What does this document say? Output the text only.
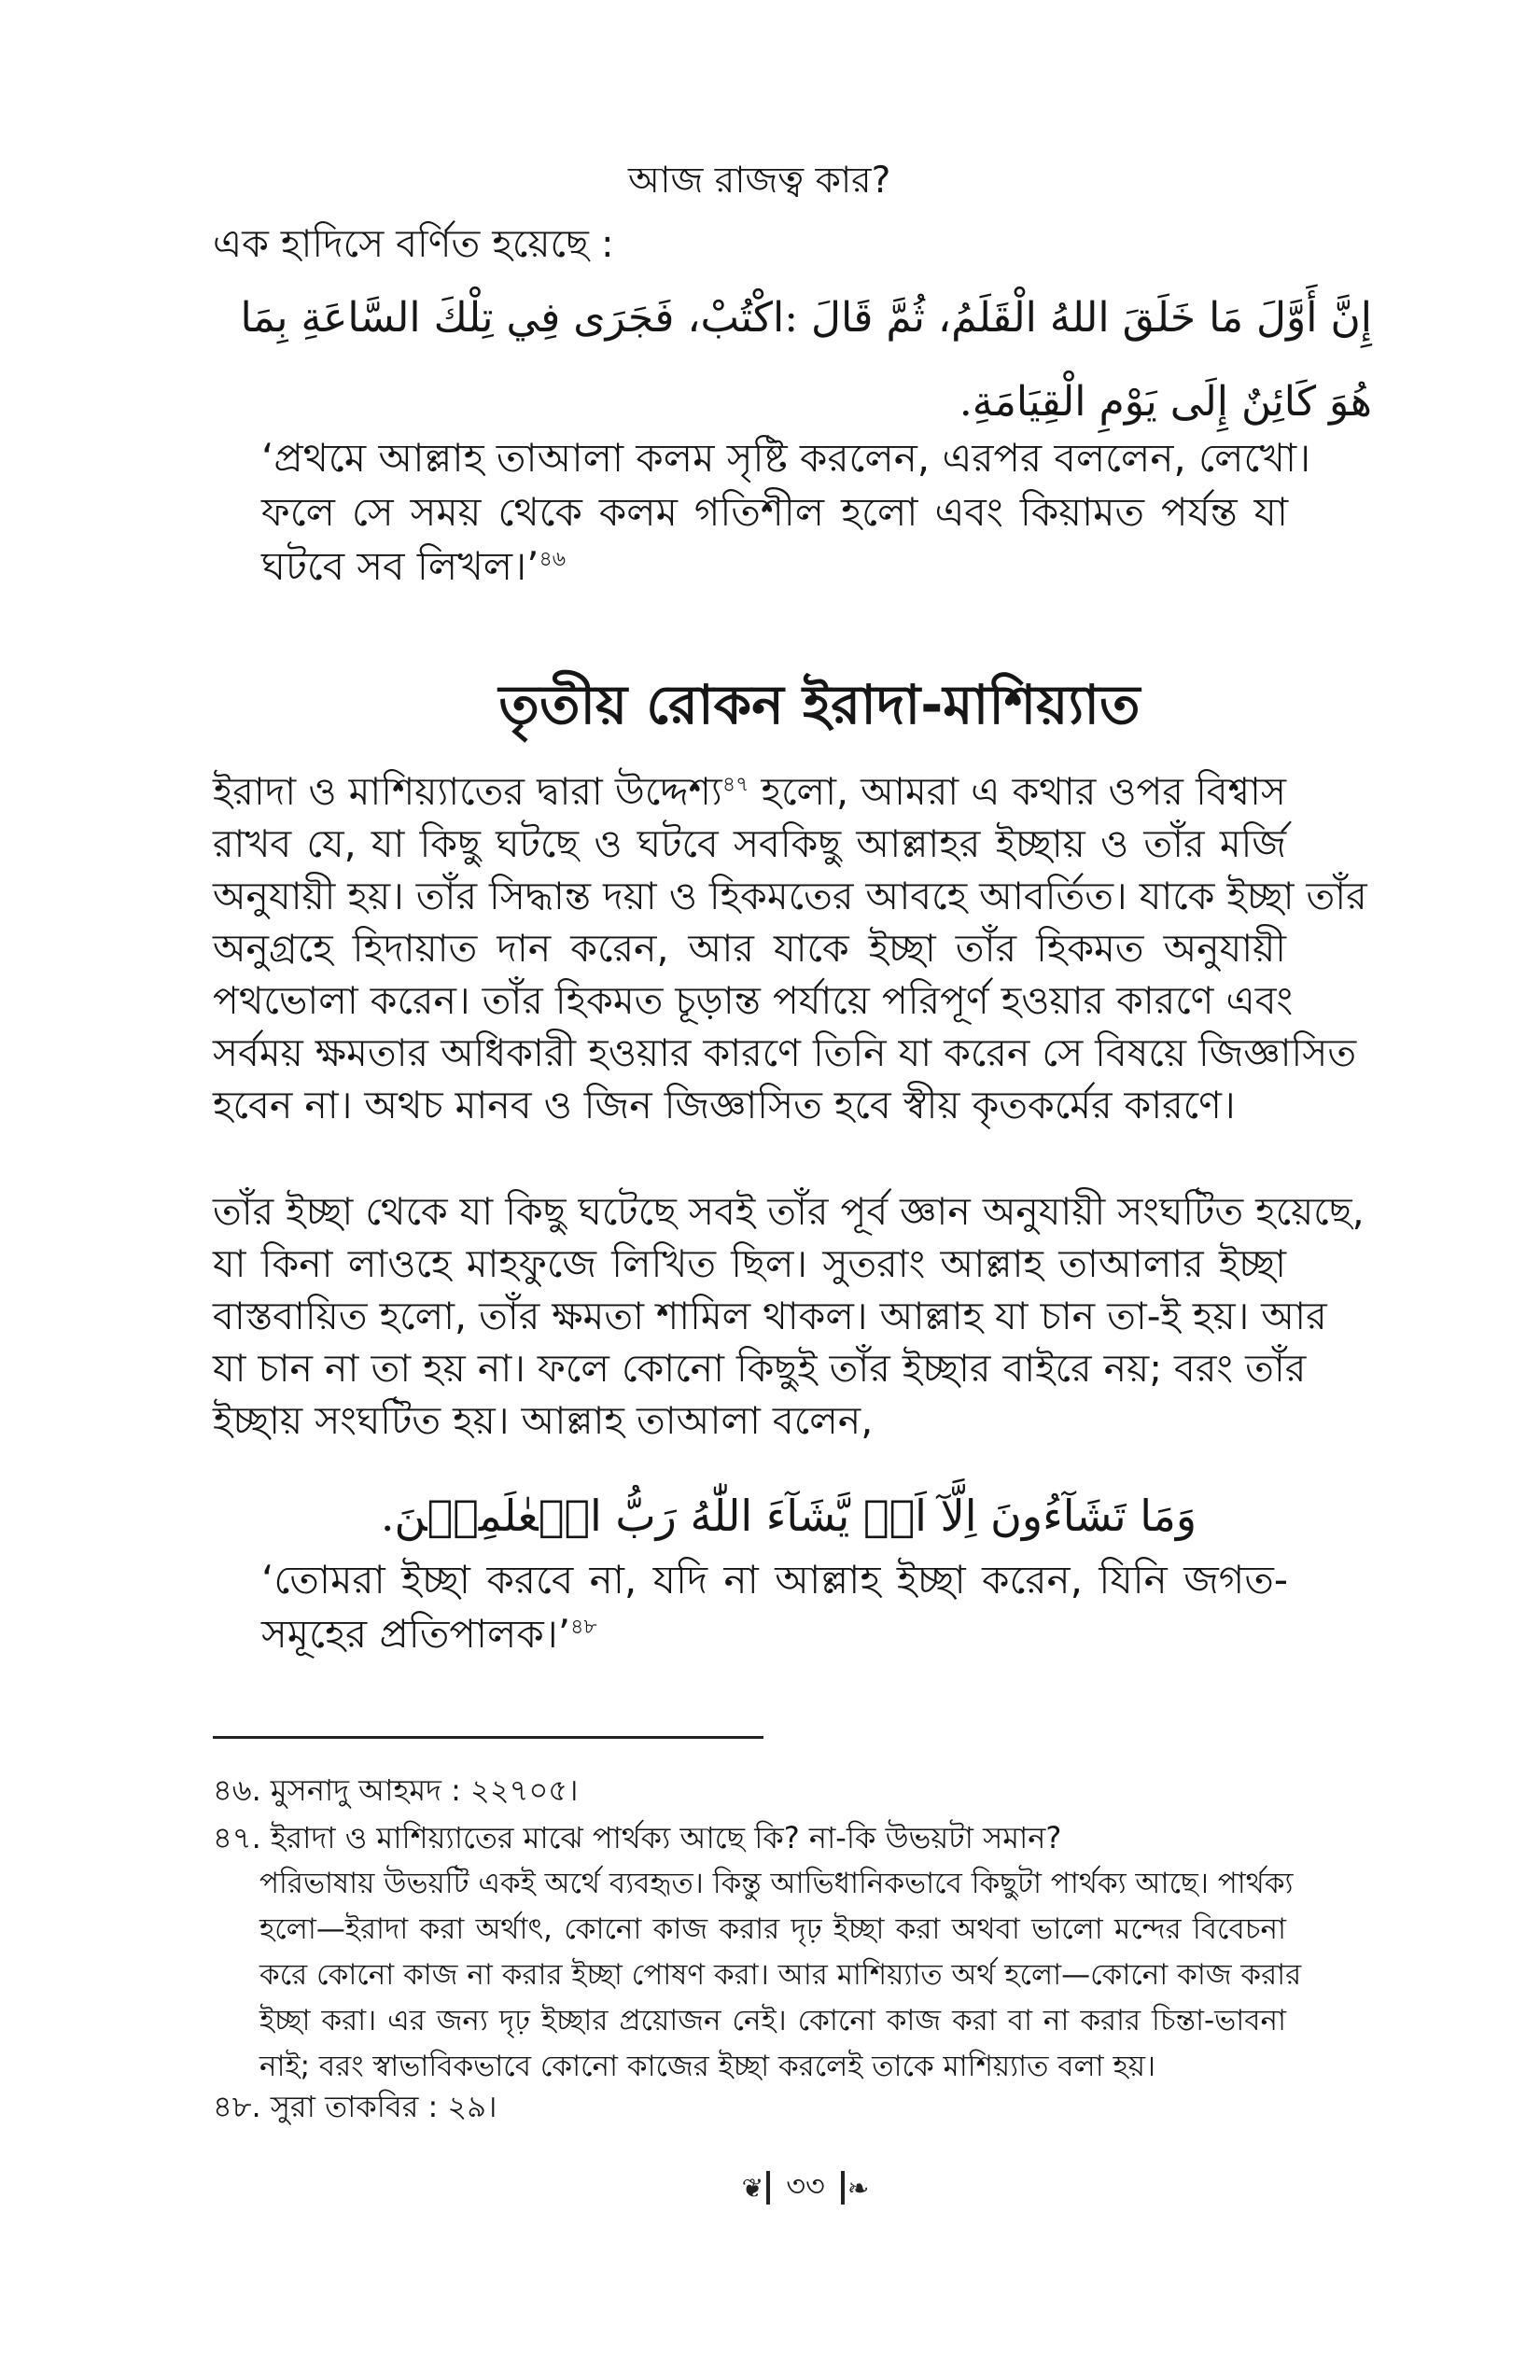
আজ রাজত্ব কার?

এক হাদিসে বর্ণিত হয়েছে :

إِنَّ أَوَّلَ مَا خَلَقَ اللهُ الْقَلَمُ، ثُمَّ قَالَ :اكْتُبْ، فَجَرَى فِي تِلْكَ السَّاعَةِ بِمَا
هُوَ كَائِنٌ إِلَى يَوْمِ الْقِيَامَةِ.
‘প্রথমে আল্লাহ তাআলা কলম সৃষ্টি করলেন, এরপর বললেন, লেখো।
ফলে সে সময় থেকে কলম গতিশীল হলো এবং কিয়ামত পর্যন্ত যা
ঘটবে সব লিখল।’$^{৪৬}$
তৃতীয় রোকন ইরাদা-মাশিয়্যাত
ইরাদা ও মাশিয়্যাতের দ্বারা উদ্দেশ্য$^{৪৭}$ হলো, আমরা এ কথার ওপর বিশ্বাস
রাখব যে, যা কিছু ঘটছে ও ঘটবে সবকিছু আল্লাহর ইচ্ছায় ও তাঁর মর্জি
অনুযায়ী হয়। তাঁর সিদ্ধান্ত দয়া ও হিকমতের আবহে আবর্তিত। যাকে ইচ্ছা তাঁর
অনুগ্রহে হিদায়াত দান করেন, আর যাকে ইচ্ছা তাঁর হিকমত অনুযায়ী
পথভোলা করেন। তাঁর হিকমত চূড়ান্ত পর্যায়ে পরিপূর্ণ হওয়ার কারণে এবং
সর্বময় ক্ষমতার অধিকারী হওয়ার কারণে তিনি যা করেন সে বিষয়ে জিজ্ঞাসিত
হবেন না। অথচ মানব ও জিন জিজ্ঞাসিত হবে স্বীয় কৃতকর্মের কারণে।
তাঁর ইচ্ছা থেকে যা কিছু ঘটেছে সবই তাঁর পূর্ব জ্ঞান অনুযায়ী সংঘটিত হয়েছে,
যা কিনা লাওহে মাহফুজে লিখিত ছিল। সুতরাং আল্লাহ তাআলার ইচ্ছা
বাস্তবায়িত হলো, তাঁর ক্ষমতা শামিল থাকল। আল্লাহ যা চান তা-ই হয়। আর
যা চান না তা হয় না। ফলে কোনো কিছুই তাঁর ইচ্ছার বাইরে নয়; বরং তাঁর
ইচ্ছায় সংঘটিত হয়। আল্লাহ তাআলা বলেন,
وَمَا تَشَآءُونَ اِلَّآ اَنۡ يَّشَآءَ اللّٰهُ رَبُّ الۡعٰلَمِيۡنَ.
‘তোমরা ইচ্ছা করবে না, যদি না আল্লাহ ইচ্ছা করেন, যিনি জগত-
সমূহের প্রতিপালক।’$^{৪৮}$

৪৬. মুসনাদু আহমদ : ২২৭০৫।

৪৭. ইরাদা ও মাশিয়্যাতের মাঝে পার্থক্য আছে কি? না-কি উভয়টা সমান?

পরিভাষায় উভয়টি একই অর্থে ব্যবহৃত। কিন্তু আভিধানিকভাবে কিছুটা পার্থক্য আছে। পার্থক্য
হলো—ইরাদা করা অর্থাৎ, কোনো কাজ করার দৃঢ় ইচ্ছা করা অথবা ভালো মন্দের বিবেচনা
করে কোনো কাজ না করার ইচ্ছা পোষণ করা। আর মাশিয়্যাত অর্থ হলো—কোনো কাজ করার
ইচ্ছা করা। এর জন্য দৃঢ় ইচ্ছার প্রয়োজন নেই। কোনো কাজ করা বা না করার চিন্তা-ভাবনা
নাই; বরং স্বাভাবিকভাবে কোনো কাজের ইচ্ছা করলেই তাকে মাশিয়্যাত বলা হয়।

৪৮. সুরা তাকবির : ২৯।

❦ ৩৩ ❧
